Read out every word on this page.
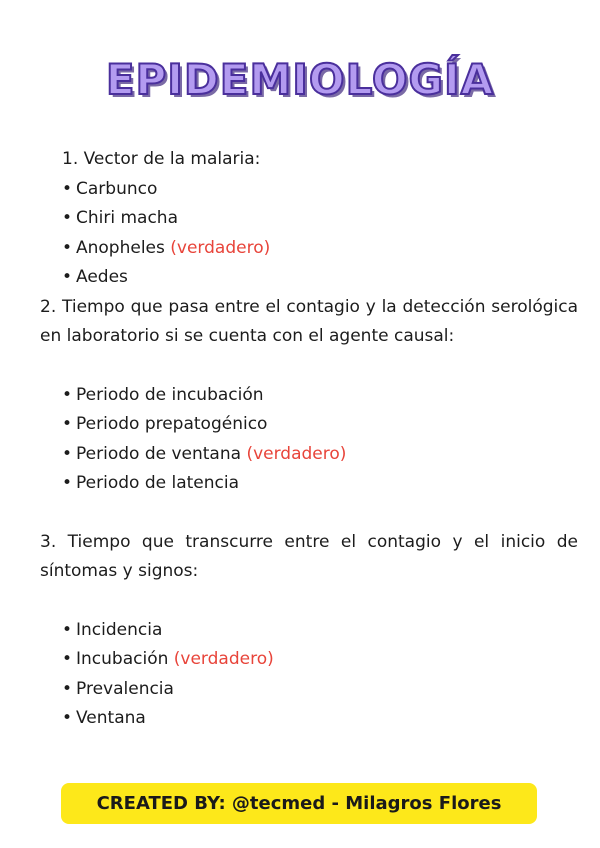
EPIDEMIOLOGÍA

1. Vector de la malaria:

• Carbunco
• Chiri macha
• Anopheles (verdadero)
• Aedes

2. Tiempo que pasa entre el contagio y la detección serológica en laboratorio si se cuenta con el agente causal:

• Periodo de incubación
• Periodo prepatogénico
• Periodo de ventana (verdadero)
• Periodo de latencia

3. Tiempo que transcurre entre el contagio y el inicio de síntomas y signos:

• Incidencia
• Incubación (verdadero)
• Prevalencia
• Ventana
CREATED BY: @tecmed - Milagros Flores
